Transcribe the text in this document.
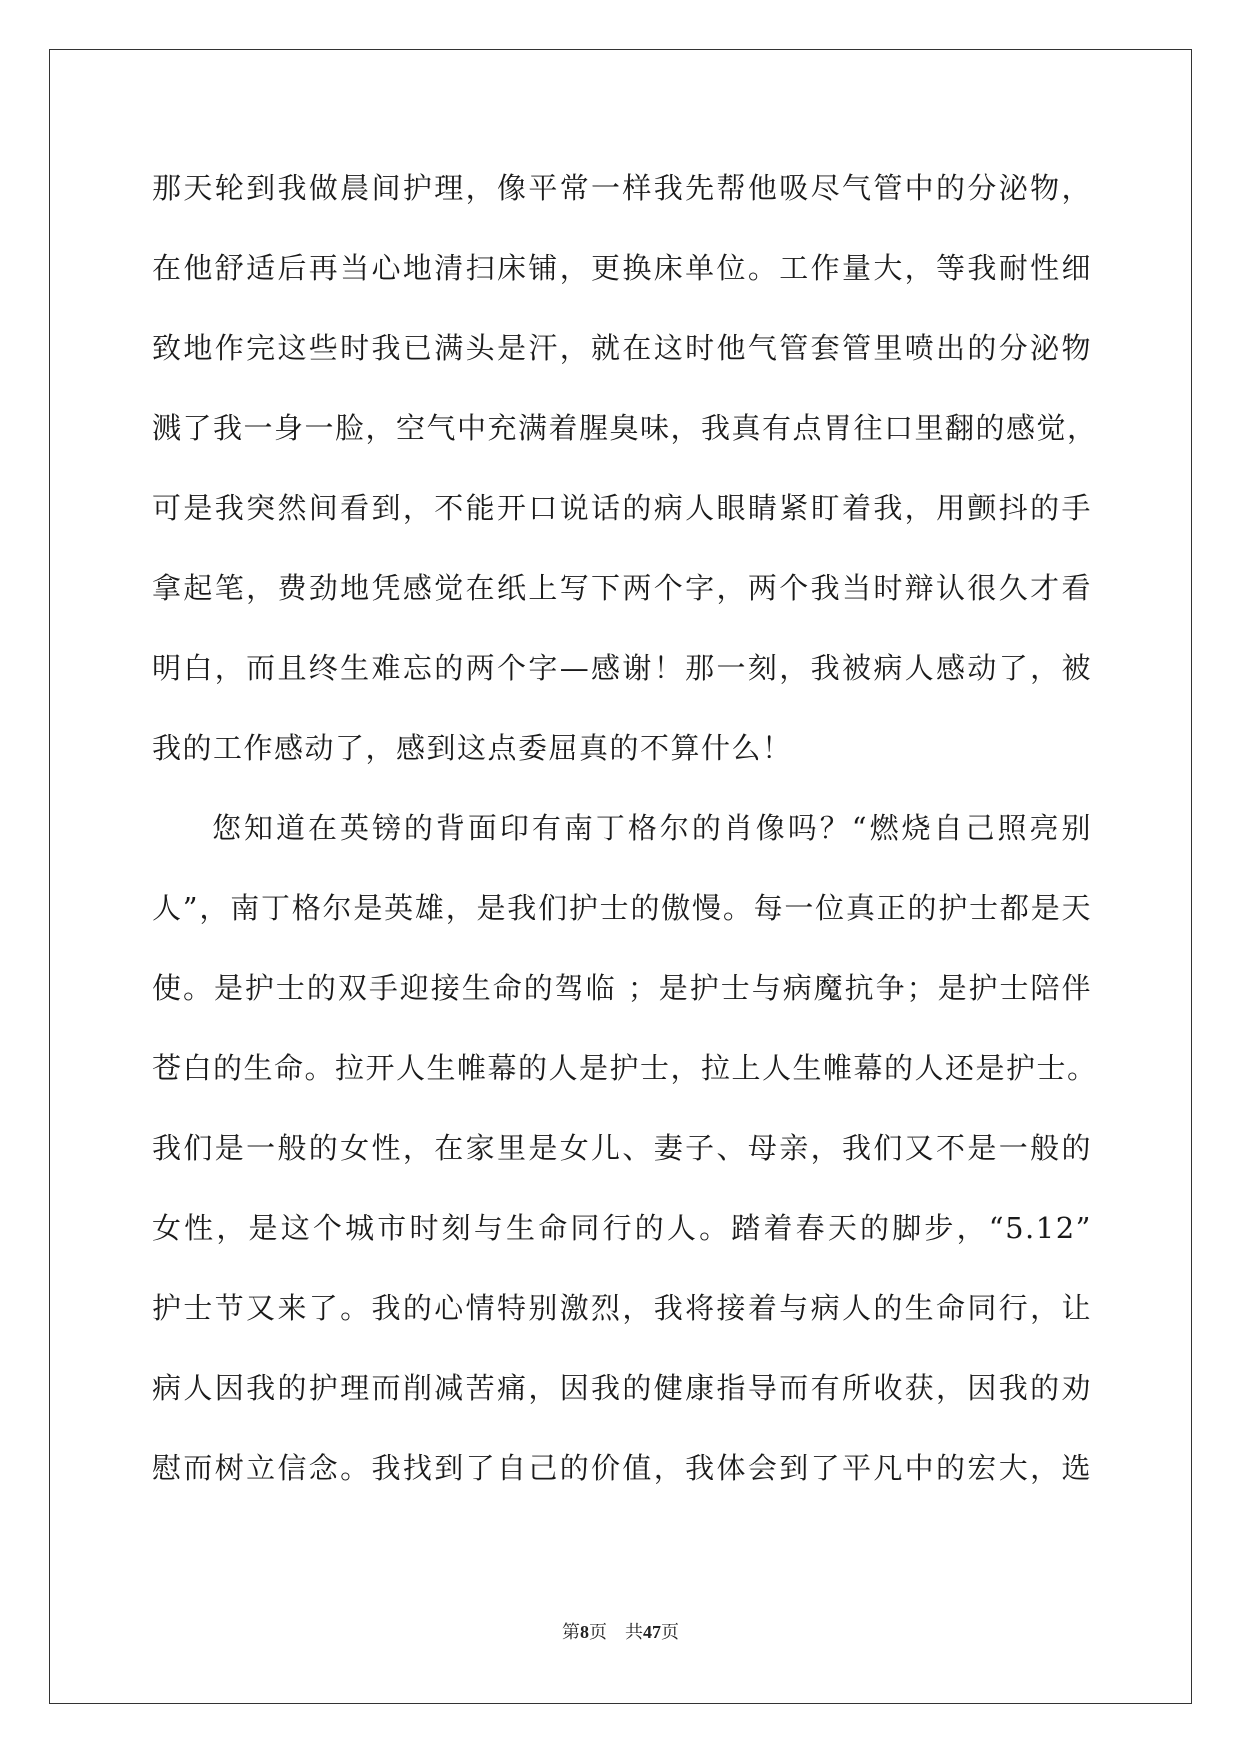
那天轮到我做晨间护理，像平常一样我先帮他吸尽气管中的分泌物，
在他舒适后再当心地清扫床铺，更换床单位。工作量大，等我耐性细
致地作完这些时我已满头是汗，就在这时他气管套管里喷出的分泌物
溅了我一身一脸，空气中充满着腥臭味，我真有点胃往口里翻的感觉，
可是我突然间看到，不能开口说话的病人眼睛紧盯着我，用颤抖的手
拿起笔，费劲地凭感觉在纸上写下两个字，两个我当时辩认很久才看
明白，而且终生难忘的两个字—感谢！那一刻，我被病人感动了，被
我的工作感动了，感到这点委屈真的不算什么！
您知道在英镑的背面印有南丁格尔的肖像吗？“燃烧自己照亮别
人”，南丁格尔是英雄，是我们护士的傲慢。每一位真正的护士都是天
使。是护士的双手迎接生命的驾临 ；是护士与病魔抗争；是护士陪伴
苍白的生命。拉开人生帷幕的人是护士，拉上人生帷幕的人还是护士。
我们是一般的女性，在家里是女儿、妻子、母亲，我们又不是一般的
女性，是这个城市时刻与生命同行的人。踏着春天的脚步，“5.12”
护士节又来了。我的心情特别激烈，我将接着与病人的生命同行，让
病人因我的护理而削减苦痛，因我的健康指导而有所收获，因我的劝
慰而树立信念。我找到了自己的价值，我体会到了平凡中的宏大，选
第8页 共47页
